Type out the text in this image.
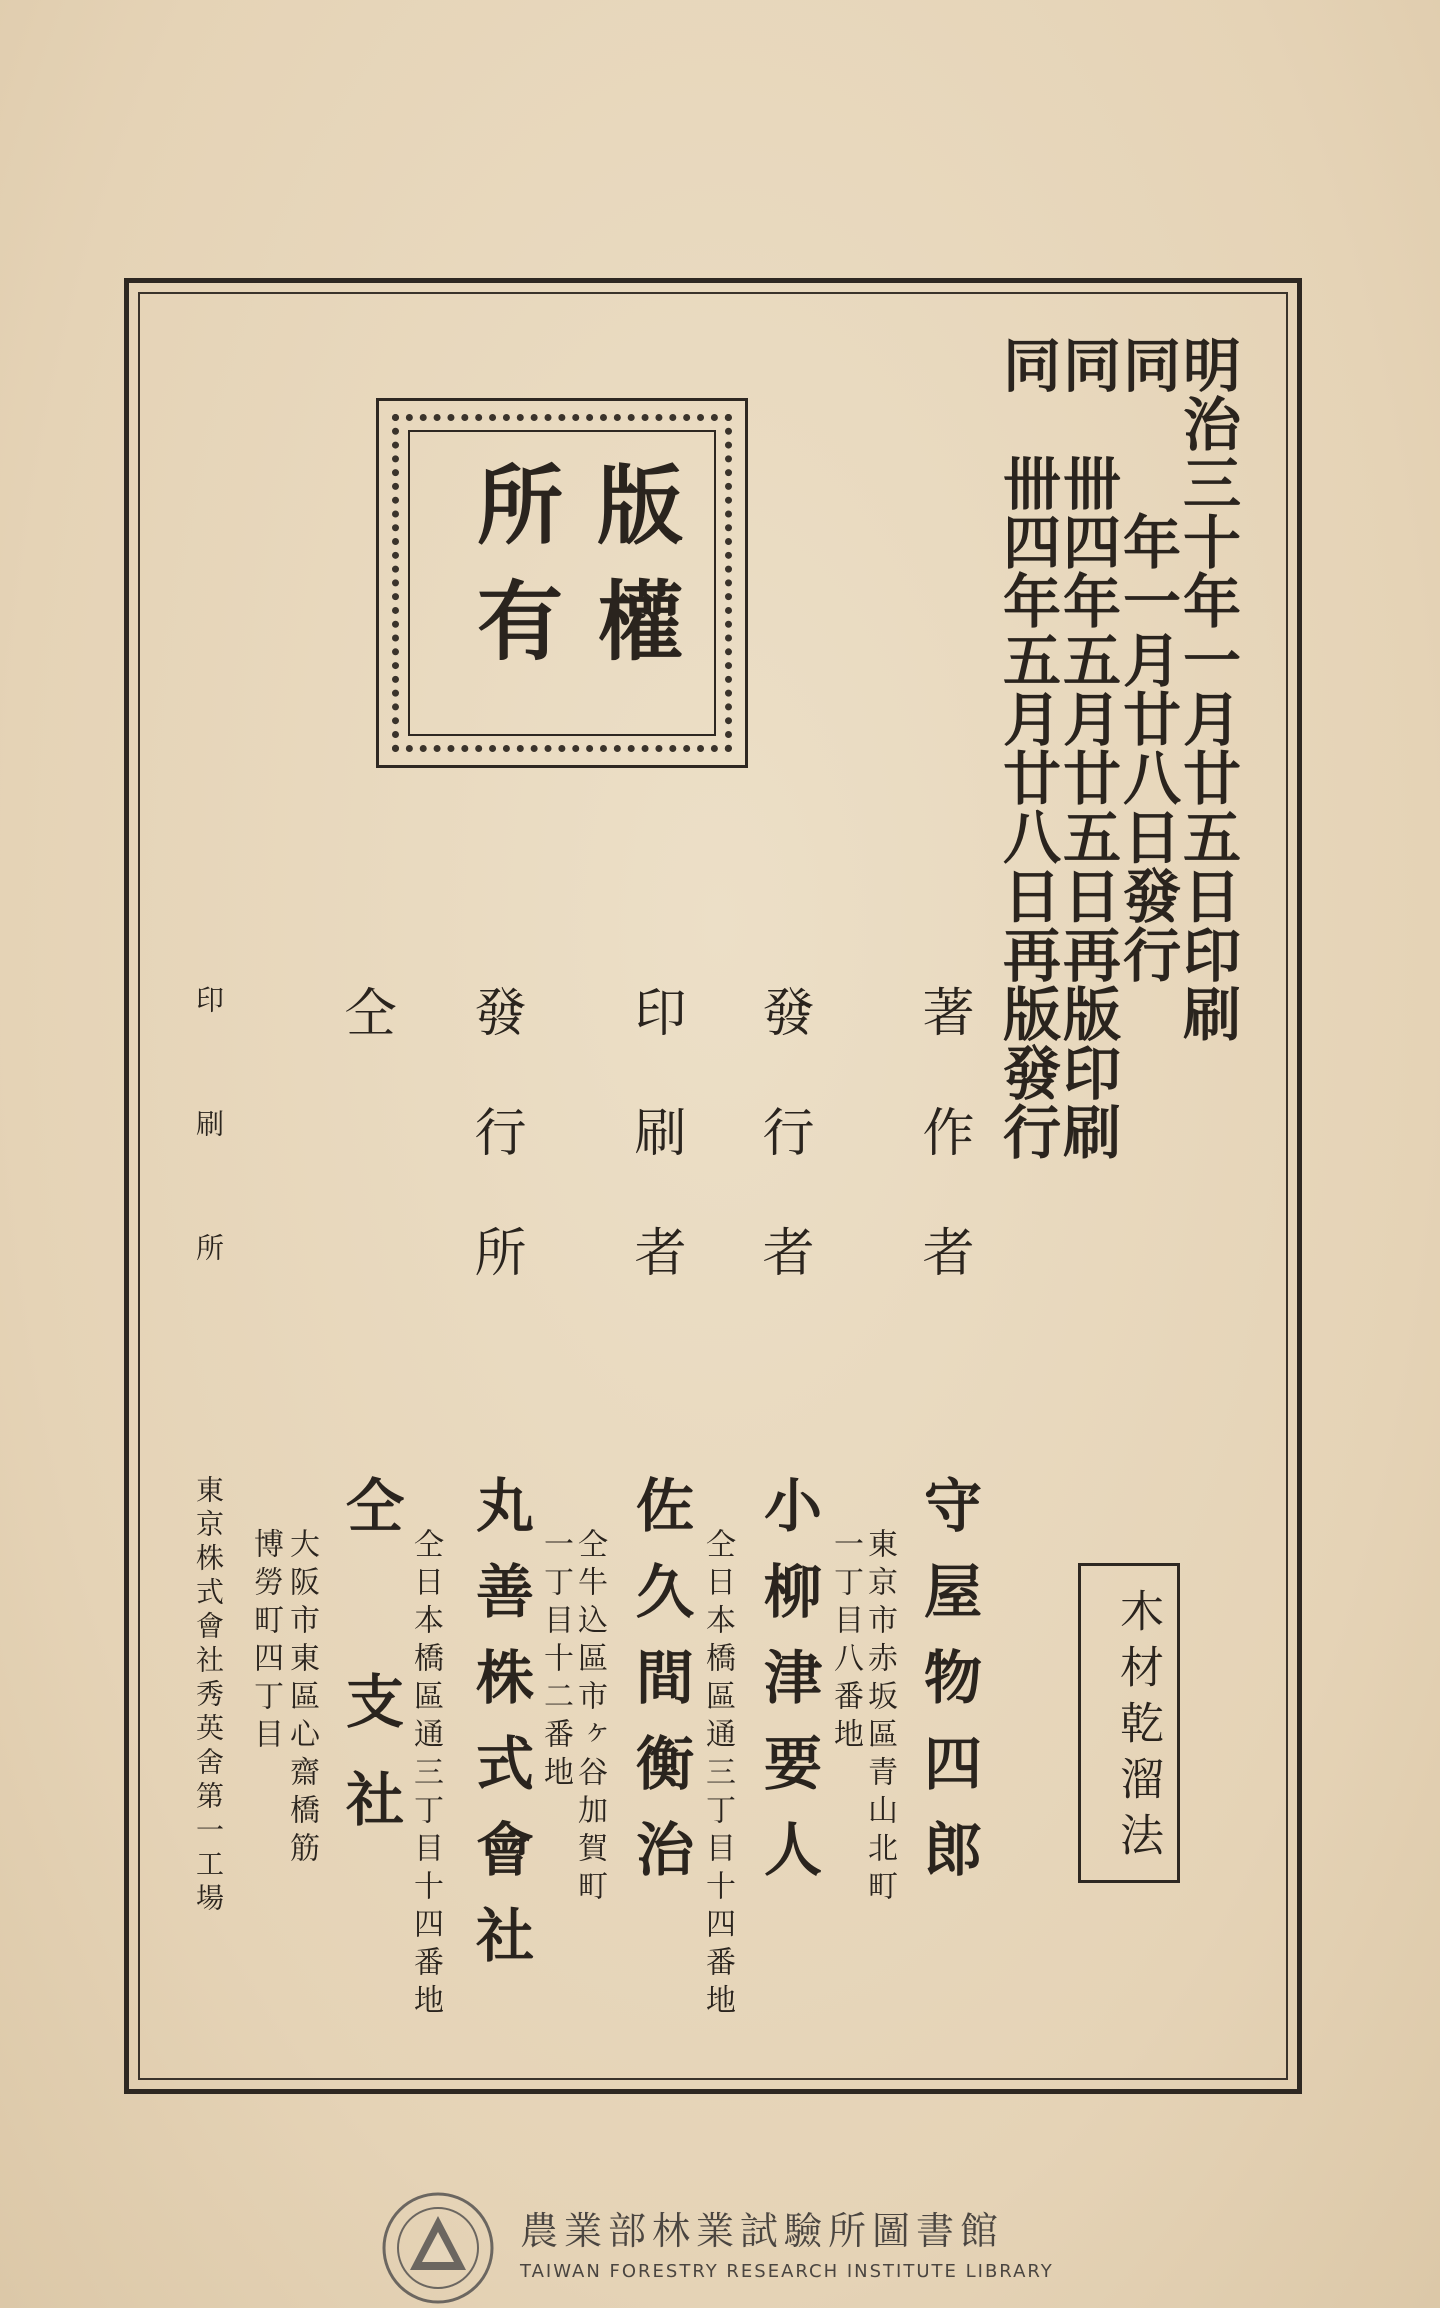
版權
所有	明治三十年一月廿五日印刷
同　　年一月廿八日發行
同　卌四年五月廿五日再版印刷
同　卌四年五月廿八日再版發行
木材乾溜法
著作者
守屋物四郎
東京市赤坂區青山北町
一丁目八番地
發行者
小柳津要人
仝日本橋區通三丁目十四番地
印刷者
佐久間衡治
仝牛込區市ヶ谷加賀町
一丁目十二番地
發行所
丸善株式會社
仝日本橋區通三丁目十四番地
仝
仝　支社
大阪市東區心齋橋筋
博勞町四丁目
印刷所
東京株式會社秀英舍第一工場
農業部林業試驗所圖書館
TAIWAN FORESTRY RESEARCH INSTITUTE LIBRARY
